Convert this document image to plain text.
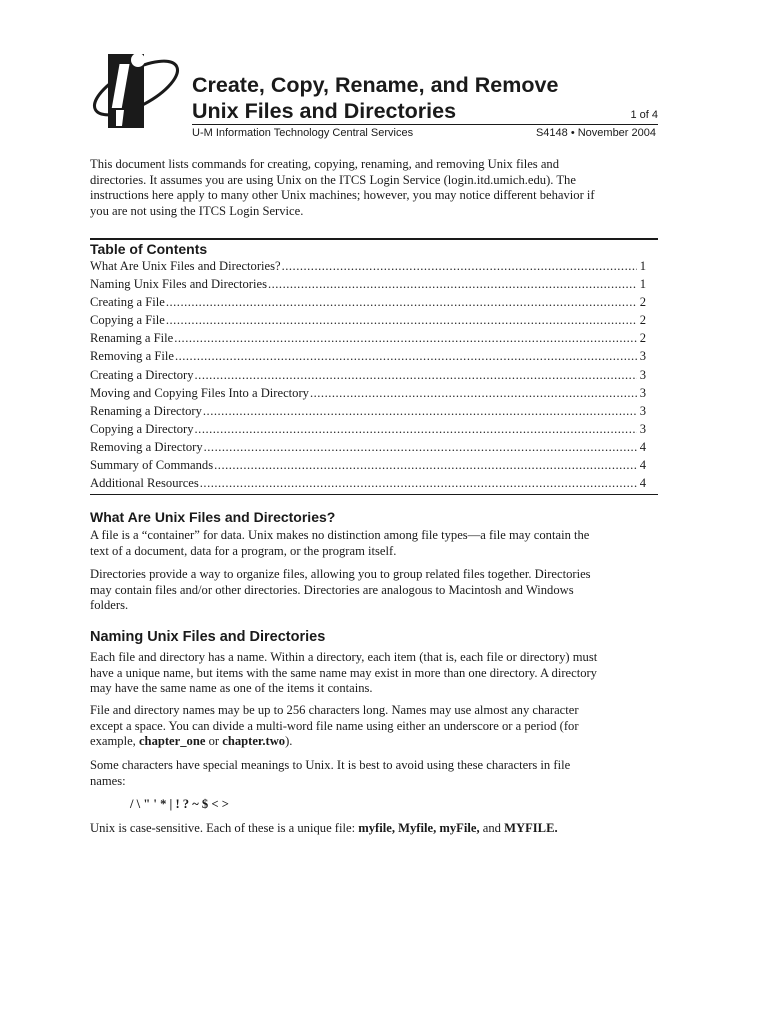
Create, Copy, Rename, and Remove
Unix Files and Directories	1 of 4
U-M Information Technology Central Services	S4148 • November 2004
This document lists commands for creating, copying, renaming, and removing Unix files and
directories. It assumes you are using Unix on the ITCS Login Service (login.itd.umich.edu). The
instructions here apply to many other Unix machines; however, you may notice different behavior if
you are not using the ITCS Login Service.
Table of Contents
What Are Unix Files and Directories? .....	1
Naming Unix Files and Directories .....	1
Creating a File .....	2
Copying a File .....	2
Renaming a File .....	2
Removing a File .....	3
Creating a Directory .....	3
Moving and Copying Files Into a Directory .....	3
Renaming a Directory .....	3
Copying a Directory .....	3
Removing a Directory .....	4
Summary of Commands .....	4
Additional Resources .....	4
What Are Unix Files and Directories?
A file is a “container” for data. Unix makes no distinction among file types—a file may contain the
text of a document, data for a program, or the program itself.
Directories provide a way to organize files, allowing you to group related files together. Directories
may contain files and/or other directories. Directories are analogous to Macintosh and Windows
folders.
Naming Unix Files and Directories
Each file and directory has a name. Within a directory, each item (that is, each file or directory) must
have a unique name, but items with the same name may exist in more than one directory. A directory
may have the same name as one of the items it contains.
File and directory names may be up to 256 characters long. Names may use almost any character
except a space. You can divide a multi-word file name using either an underscore or a period (for
example, chapter_one or chapter.two).
Some characters have special meanings to Unix. It is best to avoid using these characters in file
names:
/ \ " ' * | ! ? ~ $ < >
Unix is case-sensitive. Each of these is a unique file: myfile, Myfile, myFile, and MYFILE.
